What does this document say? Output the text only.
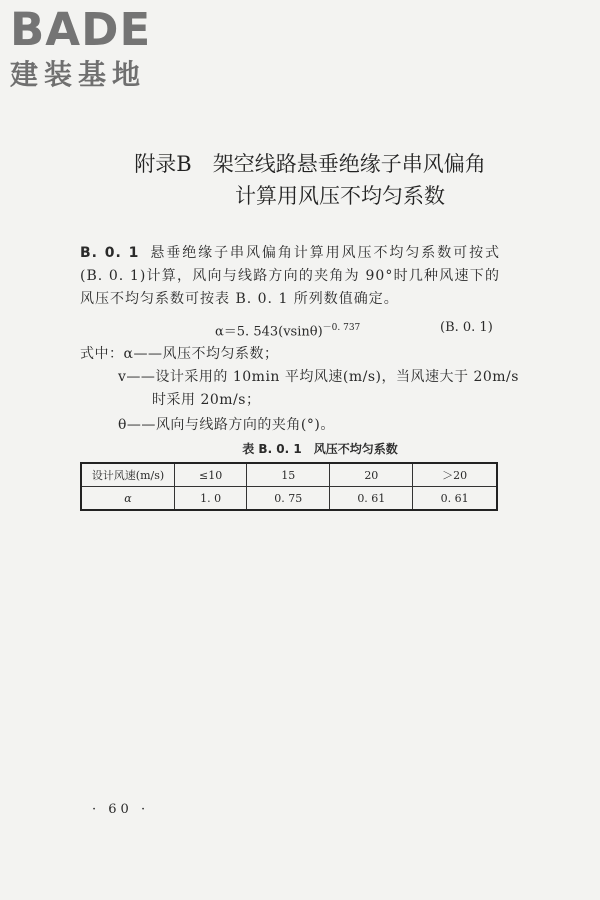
BADE
建装基地
附录B　架空线路悬垂绝缘子串风偏角
计算用风压不均匀系数
B. 0. 1 悬垂绝缘子串风偏角计算用风压不均匀系数可按式(B. 0. 1)计算，风向与线路方向的夹角为 90°时几种风速下的风压不均匀系数可按表 B. 0. 1 所列数值确定。
α＝5. $543(vsin\theta)^{-0. 737}$	(B. 0. 1)
式中：α——风压不均匀系数；
v——设计采用的 10min 平均风速(m/s)，当风速大于 20m/s
时采用 20m/s；
θ——风向与线路方向的夹角(°)。
表 B. 0. 1　风压不均匀系数
设计风速(m/s)	≤10	15	20	＞20
α	1. 0	0. 75	0. 61	0. 61
· 60 ·
